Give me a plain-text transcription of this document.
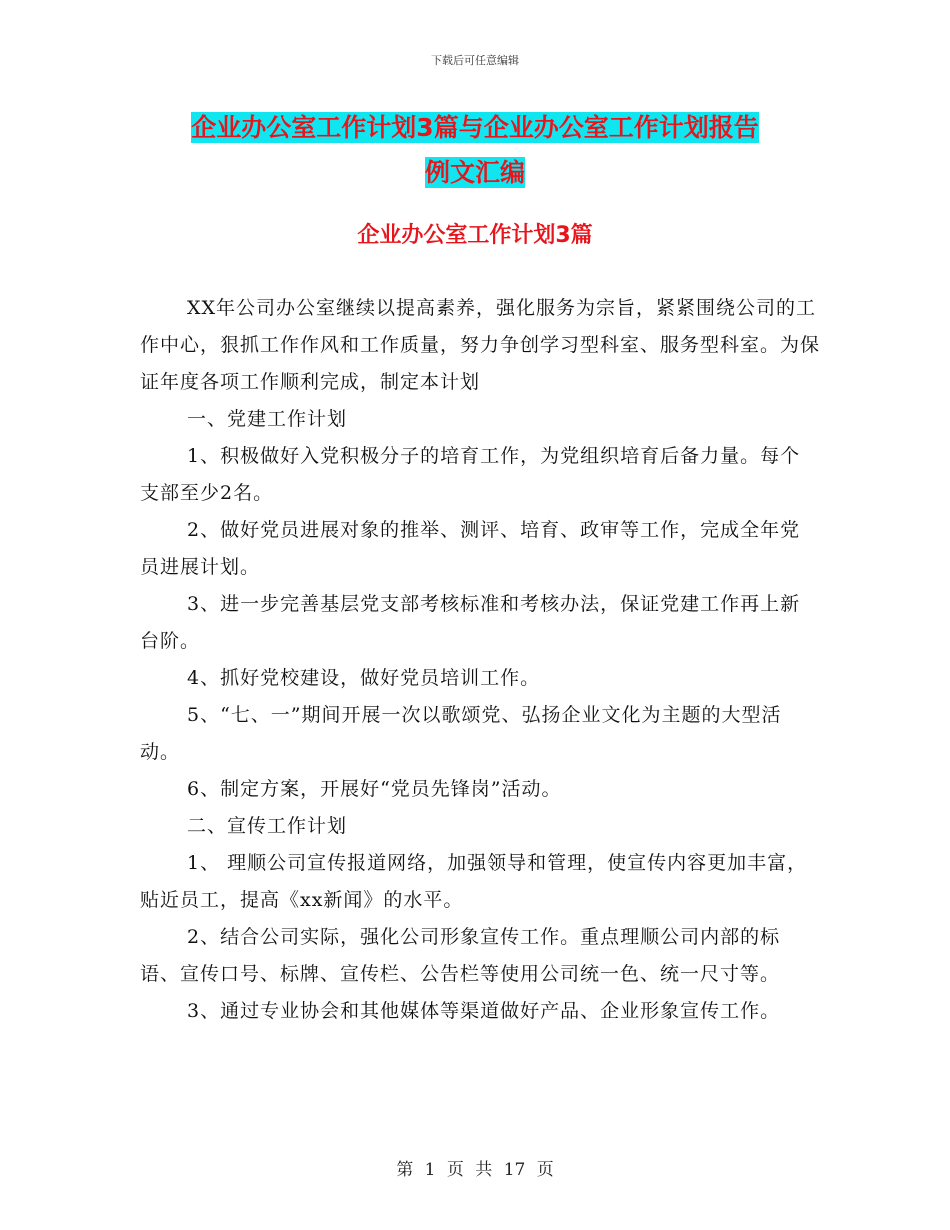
下载后可任意编辑
企业办公室工作计划3篇与企业办公室工作计划报告
例文汇编
企业办公室工作计划3篇

XX年公司办公室继续以提高素养，强化服务为宗旨，紧紧围绕公司的工作中心，狠抓工作作风和工作质量，努力争创学习型科室、服务型科室。为保证年度各项工作顺利完成，制定本计划

一、党建工作计划

1、积极做好入党积极分子的培育工作，为党组织培育后备力量。每个支部至少2名。

2、做好党员进展对象的推举、测评、培育、政审等工作，完成全年党员进展计划。

3、进一步完善基层党支部考核标准和考核办法，保证党建工作再上新台阶。

4、抓好党校建设，做好党员培训工作。

5、“七、一”期间开展一次以歌颂党、弘扬企业文化为主题的大型活动。

6、制定方案，开展好“党员先锋岗”活动。

二、宣传工作计划

1、 理顺公司宣传报道网络，加强领导和管理，使宣传内容更加丰富，贴近员工，提高《xx新闻》的水平。

2、结合公司实际，强化公司形象宣传工作。重点理顺公司内部的标语、宣传口号、标牌、宣传栏、公告栏等使用公司统一色、统一尺寸等。

3、通过专业协会和其他媒体等渠道做好产品、企业形象宣传工作。

第 1 页 共 17 页
